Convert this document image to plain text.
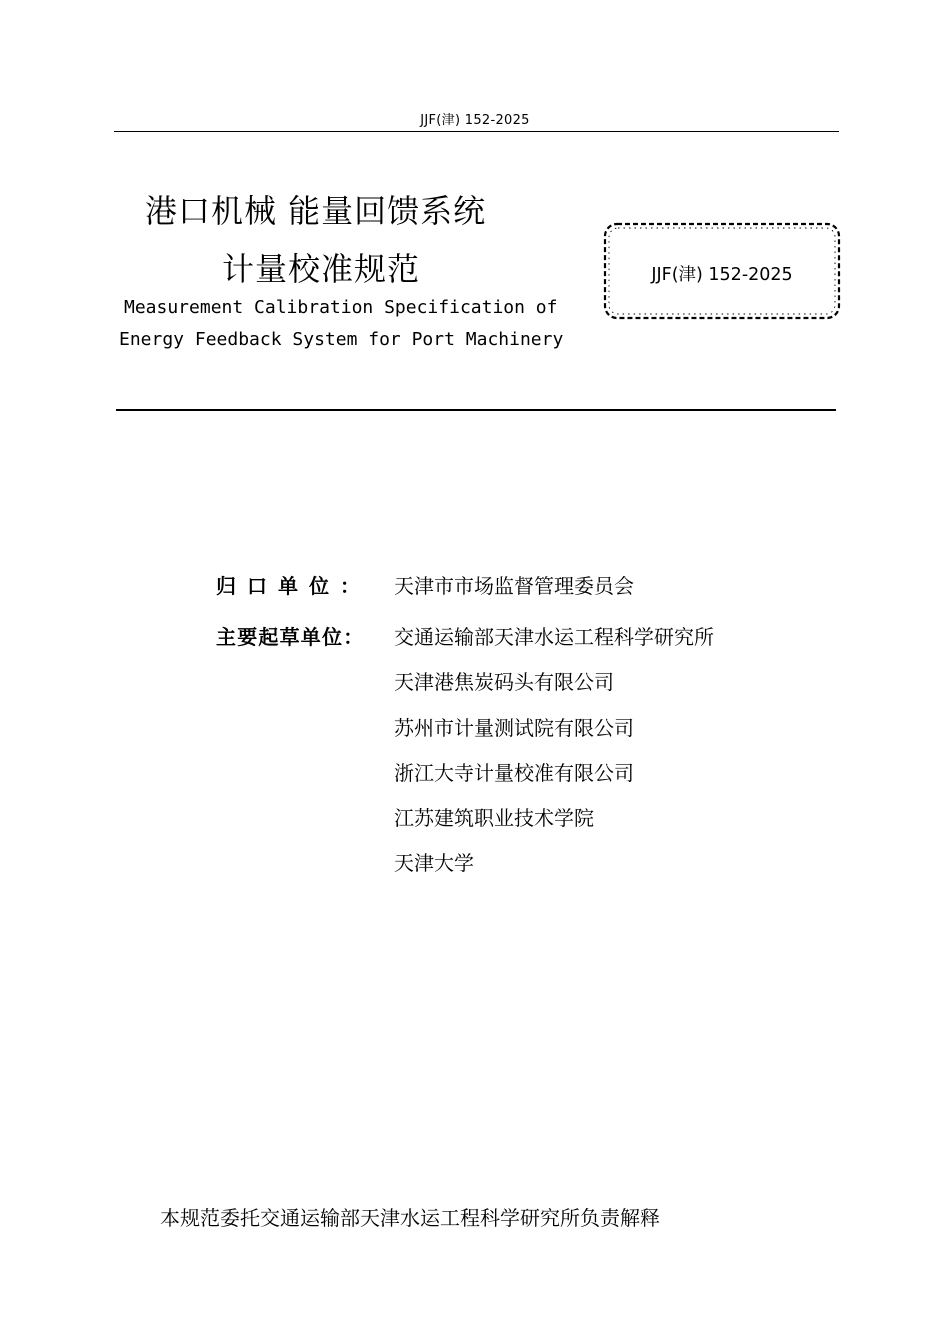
JJF(津) 152-2025
港口机械 能量回馈系统
计量校准规范
Measurement Calibration Specification of
Energy Feedback System for Port Machinery
JJF(津) 152-2025
归口单位： 天津市市场监督管理委员会
主要起草单位： 交通运输部天津水运工程科学研究所
天津港焦炭码头有限公司
苏州市计量测试院有限公司
浙江大寺计量校准有限公司
江苏建筑职业技术学院
天津大学
本规范委托交通运输部天津水运工程科学研究所负责解释
